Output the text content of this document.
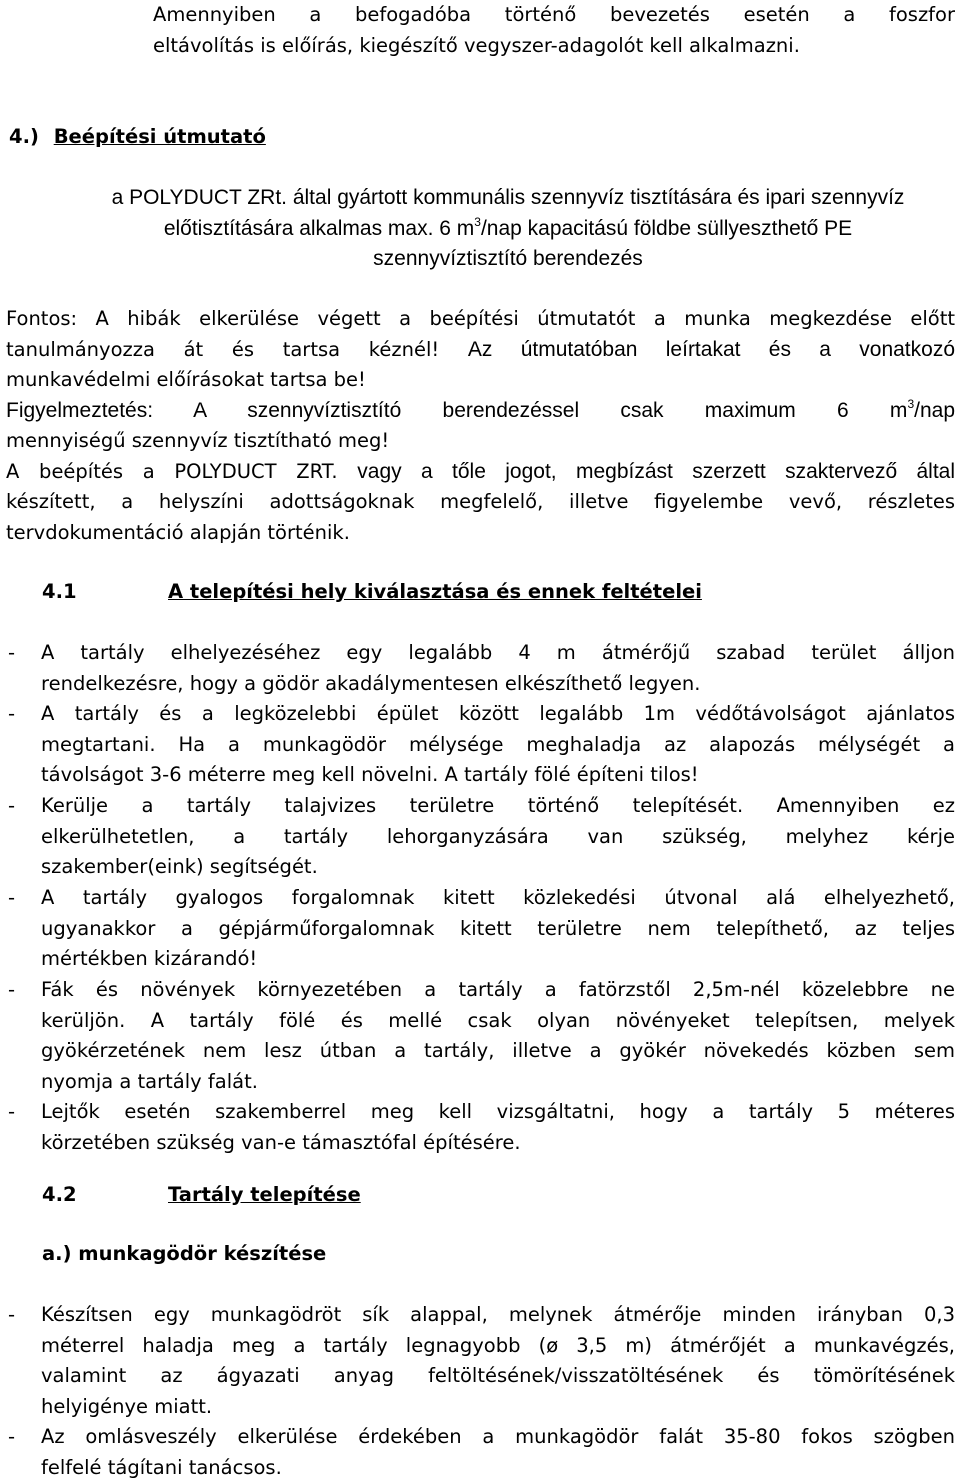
Amennyiben a befogadóba történő bevezetés esetén a foszfor
eltávolítás is előírás, kiegészítő vegyszer-adagolót kell alkalmazni.
4.) Beépítési útmutató
a POLYDUCT ZRt. által gyártott kommunális szennyvíz tisztítására és ipari szennyvíz
előtisztítására alkalmas max. 6 $m^3$/nap kapacitású földbe süllyeszthető PE
szennyvíztisztító berendezés
Fontos: A hibák elkerülése végett a beépítési útmutatót a munka megkezdése előtt
tanulmányozza át és tartsa kéznél! Az útmutatóban leírtakat és a vonatkozó
munkavédelmi előírásokat tartsa be!
Figyelmeztetés: A szennyvíztisztító berendezéssel csak maximum 6 $m^3$/nap
mennyiségű szennyvíz tisztítható meg!
A beépítés a POLYDUCT ZRT. vagy a tőle jogot, megbízást szerzett szaktervező által
készített, a helyszíni adottságoknak megfelelő, illetve figyelembe vevő, részletes
tervdokumentáció alapján történik.
4.1	A telepítési hely kiválasztása és ennek feltételei
- A tartály elhelyezéséhez egy legalább 4 m átmérőjű szabad terület álljon
rendelkezésre, hogy a gödör akadálymentesen elkészíthető legyen.
- A tartály és a legközelebbi épület között legalább 1m védőtávolságot ajánlatos
megtartani. Ha a munkagödör mélysége meghaladja az alapozás mélységét a
távolságot 3-6 méterre meg kell növelni. A tartály fölé építeni tilos!
- Kerülje a tartály talajvizes területre történő telepítését. Amennyiben ez
elkerülhetetlen, a tartály lehorganyzására van szükség, melyhez kérje
szakember(eink) segítségét.
- A tartály gyalogos forgalomnak kitett közlekedési útvonal alá elhelyezhető,
ugyanakkor a gépjárműforgalomnak kitett területre nem telepíthető, az teljes
mértékben kizárandó!
- Fák és növények környezetében a tartály a fatörzstől 2,5m-nél közelebbre ne
kerüljön. A tartály fölé és mellé csak olyan növényeket telepítsen, melyek
gyökérzetének nem lesz útban a tartály, illetve a gyökér növekedés közben sem
nyomja a tartály falát.
- Lejtők esetén szakemberrel meg kell vizsgáltatni, hogy a tartály 5 méteres
körzetében szükség van-e támasztófal építésére.
4.2	Tartály telepítése
a.) munkagödör készítése
- Készítsen egy munkagödröt sík alappal, melynek átmérője minden irányban 0,3
méterrel haladja meg a tartály legnagyobb (ø 3,5 m) átmérőjét a munkavégzés,
valamint az ágyazati anyag feltöltésének/visszatöltésének és tömörítésének
helyigénye miatt.
- Az omlásveszély elkerülése érdekében a munkagödör falát 35-80 fokos szögben
felfelé tágítani tanácsos.
